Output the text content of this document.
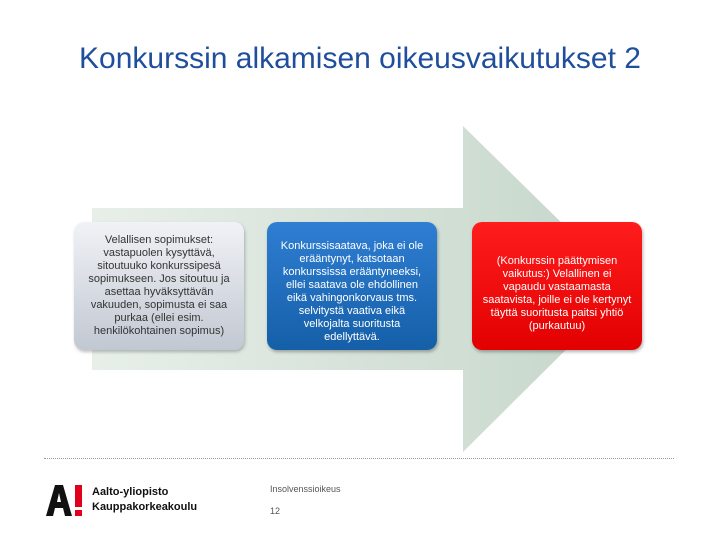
Konkurssin alkamisen oikeusvaikutukset 2
Velallisen sopimukset: vastapuolen kysyttävä, sitoutuuko konkurssipesä sopimukseen. Jos sitoutuu ja asettaa hyväksyttävän vakuuden, sopimusta ei saa purkaa (ellei esim. henkilökohtainen sopimus)
Konkurssisaatava, joka ei ole erääntynyt, katsotaan konkurssissa erääntyneeksi, ellei saatava ole ehdollinen eikä vahingonkorvaus tms. selvitystä vaativa eikä velkojalta suoritusta edellyttävä.
(Konkurssin päättymisen vaikutus:) Velallinen ei vapaudu vastaamasta saatavista, joille ei ole kertynyt täyttä suoritusta paitsi yhtiö (purkautuu)
Aalto-yliopisto
Kauppakorkeakoulu
Insolvenssioikeus
12
